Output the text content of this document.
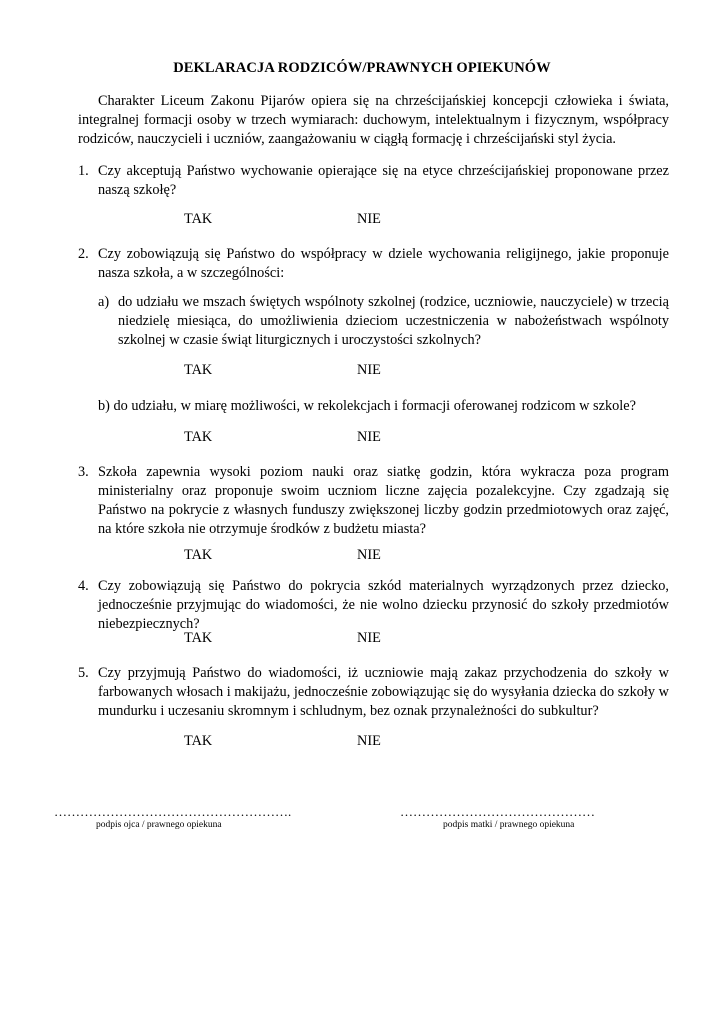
DEKLARACJA RODZICÓW/PRAWNYCH OPIEKUNÓW
Charakter Liceum Zakonu Pijarów opiera się na chrześcijańskiej koncepcji człowieka i świata, integralnej formacji osoby w trzech wymiarach: duchowym, intelektualnym i fizycznym, współpracy rodziców, nauczycieli i uczniów, zaangażowaniu w ciągłą formację i chrześcijański styl życia.
1. Czy akceptują Państwo wychowanie opierające się na etyce chrześcijańskiej proponowane przez naszą szkołę?
TAK	NIE
2. Czy zobowiązują się Państwo do współpracy w dziele wychowania religijnego, jakie proponuje nasza szkoła, a w szczególności:
a) do udziału we mszach świętych wspólnoty szkolnej (rodzice, uczniowie, nauczyciele) w trzecią niedzielę miesiąca, do umożliwienia dzieciom uczestniczenia w nabożeństwach wspólnoty szkolnej w czasie świąt liturgicznych i uroczystości szkolnych?
TAK	NIE
b) do udziału, w miarę możliwości, w rekolekcjach i formacji oferowanej rodzicom w szkole?
TAK	NIE
3. Szkoła zapewnia wysoki poziom nauki oraz siatkę godzin, która wykracza poza program ministerialny oraz proponuje swoim uczniom liczne zajęcia pozalekcyjne. Czy zgadzają się Państwo na pokrycie z własnych funduszy zwiększonej liczby godzin przedmiotowych oraz zajęć, na które szkoła nie otrzymuje środków z budżetu miasta?
TAK	NIE
4. Czy zobowiązują się Państwo do pokrycia szkód materialnych wyrządzonych przez dziecko, jednocześnie przyjmując do wiadomości, że nie wolno dziecku przynosić do szkoły przedmiotów niebezpiecznych?
TAK	NIE
5. Czy przyjmują Państwo do wiadomości, iż uczniowie mają zakaz przychodzenia do szkoły w farbowanych włosach i makijażu, jednocześnie zobowiązując się do wysyłania dziecka do szkoły w mundurku i uczesaniu skromnym i schludnym, bez oznak przynależności do subkultur?
TAK	NIE
……………………………………………….
podpis ojca / prawnego opiekuna
………………………………………
podpis matki / prawnego opiekuna
